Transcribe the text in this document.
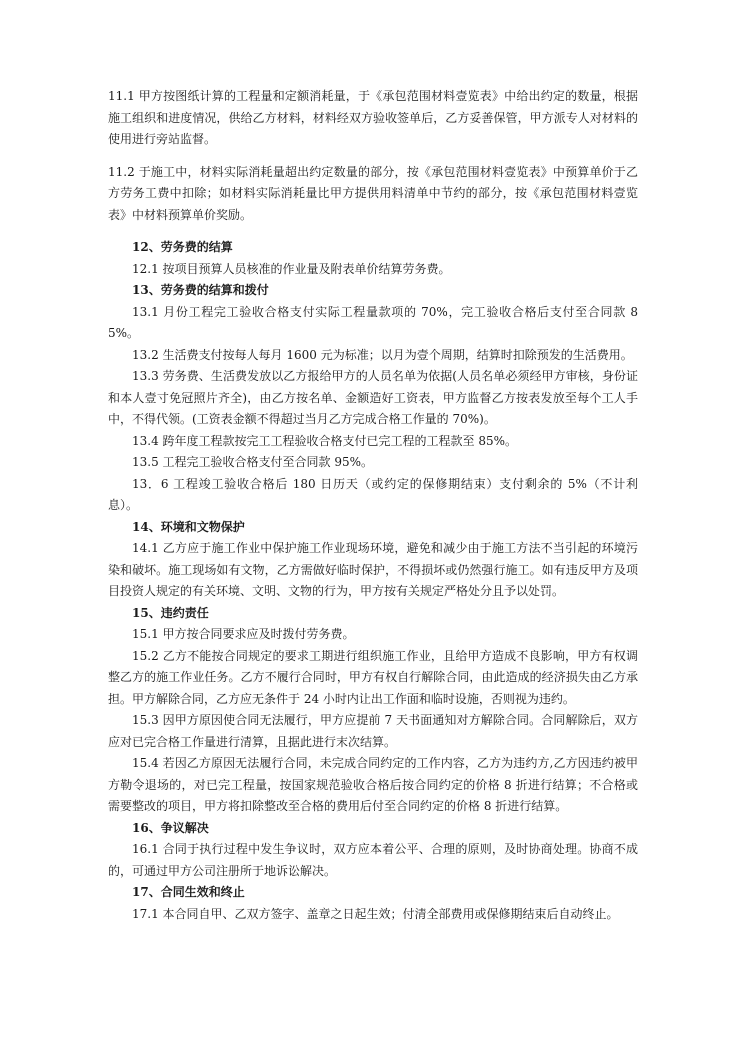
11.1 甲方按图纸计算的工程量和定额消耗量，于《承包范围材料壹览表》中给出约定的数量，根据施工组织和进度情况，供给乙方材料，材料经双方验收签单后，乙方妥善保管，甲方派专人对材料的使用进行旁站监督。

11.2 于施工中，材料实际消耗量超出约定数量的部分，按《承包范围材料壹览表》中预算单价于乙方劳务工费中扣除；如材料实际消耗量比甲方提供用料清单中节约的部分，按《承包范围材料壹览表》中材料预算单价奖励。

12、劳务费的结算

12.1 按项目预算人员核准的作业量及附表单价结算劳务费。

13、劳务费的结算和拨付

13.1 月份工程完工验收合格支付实际工程量款项的 70%，完工验收合格后支付至合同款 85%。

13.2 生活费支付按每人每月 1600 元为标准；以月为壹个周期，结算时扣除预发的生活费用。

13.3 劳务费、生活费发放以乙方报给甲方的人员名单为依据(人员名单必须经甲方审核，身份证和本人壹寸免冠照片齐全)，由乙方按名单、金额造好工资表，甲方监督乙方按表发放至每个工人手中，不得代领。(工资表金额不得超过当月乙方完成合格工作量的 70%)。

13.4 跨年度工程款按完工工程验收合格支付已完工程的工程款至 85%。

13.5 工程完工验收合格支付至合同款 95%。

13．6 工程竣工验收合格后 180 日历天（或约定的保修期结束）支付剩余的 5%（不计利息）。

14、环境和文物保护

14.1 乙方应于施工作业中保护施工作业现场环境，避免和减少由于施工方法不当引起的环境污染和破坏。施工现场如有文物，乙方需做好临时保护，不得损坏或仍然强行施工。如有违反甲方及项目投资人规定的有关环境、文明、文物的行为，甲方按有关规定严格处分且予以处罚。

15、违约责任

15.1 甲方按合同要求应及时拨付劳务费。

15.2 乙方不能按合同规定的要求工期进行组织施工作业，且给甲方造成不良影响，甲方有权调整乙方的施工作业任务。乙方不履行合同时，甲方有权自行解除合同，由此造成的经济损失由乙方承担。甲方解除合同，乙方应无条件于 24 小时内让出工作面和临时设施，否则视为违约。

15.3 因甲方原因使合同无法履行，甲方应提前 7 天书面通知对方解除合同。合同解除后，双方应对已完合格工作量进行清算，且据此进行末次结算。

15.4 若因乙方原因无法履行合同，未完成合同约定的工作内容，乙方为违约方,乙方因违约被甲方勒令退场的，对已完工程量，按国家规范验收合格后按合同约定的价格 8 折进行结算；不合格或需要整改的项目，甲方将扣除整改至合格的费用后付至合同约定的价格 8 折进行结算。

16、争议解决

16.1 合同于执行过程中发生争议时，双方应本着公平、合理的原则，及时协商处理。协商不成的，可通过甲方公司注册所于地诉讼解决。

17、合同生效和终止

17.1 本合同自甲、乙双方签字、盖章之日起生效；付清全部费用或保修期结束后自动终止。
